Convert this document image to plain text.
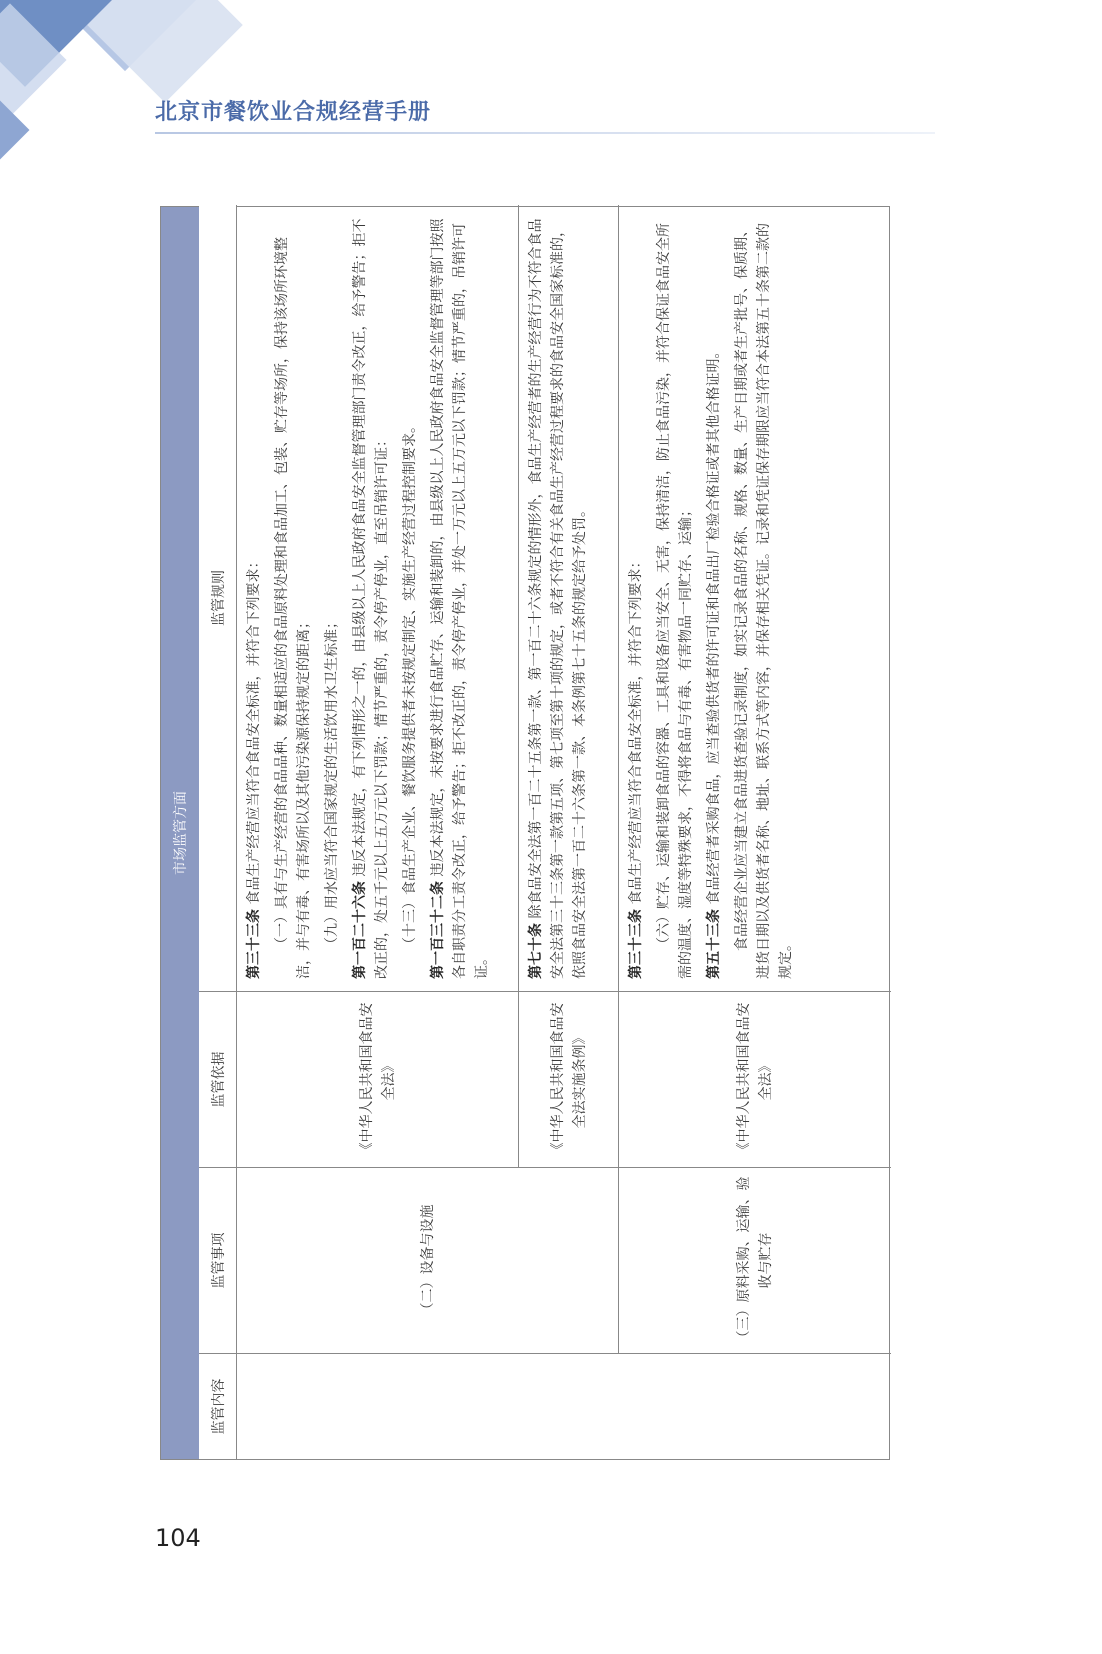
北京市餐饮业合规经营手册
市场监管方面
监管内容
监管事项
监管依据
监管规则
（二）设备与设施
《中华人民共和国食品安全法》

第三十三条 食品生产经营应当符合食品安全标准，并符合下列要求： （一）具有与生产经营的食品品种、数量相适应的食品原料处理和食品加工、包装、贮存等场所，保持该场所环境整洁，并与有毒、有害场所以及其他污染源保持规定的距离； （九）用水应当符合国家规定的生活饮用水卫生标准； 第一百二十六条 违反本法规定，有下列情形之一的，由县级以上人民政府食品安全监督管理部门责令改正，给予警告；拒不改正的，处五千元以上五万元以下罚款；情节严重的，责令停产停业，直至吊销许可证： （十三）食品生产企业、餐饮服务提供者未按规定制定、实施生产经营过程控制要求。 第一百三十二条 违反本法规定，未按要求进行食品贮存、运输和装卸的，由县级以上人民政府食品安全监督管理等部门按照各自职责分工责令改正，给予警告；拒不改正的，责令停产停业，并处一万元以上五万元以下罚款；情节严重的，吊销许可证。

《中华人民共和国食品安全法实施条例》

第七十条 除食品安全法第一百二十五条第一款、第一百二十六条规定的情形外，食品生产经营者的生产经营行为不符合食品安全法第三十三条第一款第五项、第七项至第十项的规定，或者不符合有关食品生产经营过程要求的食品安全国家标准的，依照食品安全法第一百二十六条第一款、本条例第七十五条的规定给予处罚。

（三）原料采购、运输、验收与贮存
《中华人民共和国食品安全法》

第三十三条 食品生产经营应当符合食品安全标准，并符合下列要求： （六）贮存、运输和装卸食品的容器、工具和设备应当安全、无害，保持清洁，防止食品污染，并符合保证食品安全所需的温度、湿度等特殊要求，不得将食品与有毒、有害物品一同贮存、运输； 第五十三条 食品经营者采购食品，应当查验供货者的许可证和食品出厂检验合格证或者其他合格证明。 食品经营企业应当建立食品进货查验记录制度，如实记录食品的名称、规格、数量、生产日期或者生产批号、保质期、进货日期以及供货者名称、地址、联系方式等内容，并保存相关凭证。记录和凭证保存期限应当符合本法第五十条第二款的规定。

104
